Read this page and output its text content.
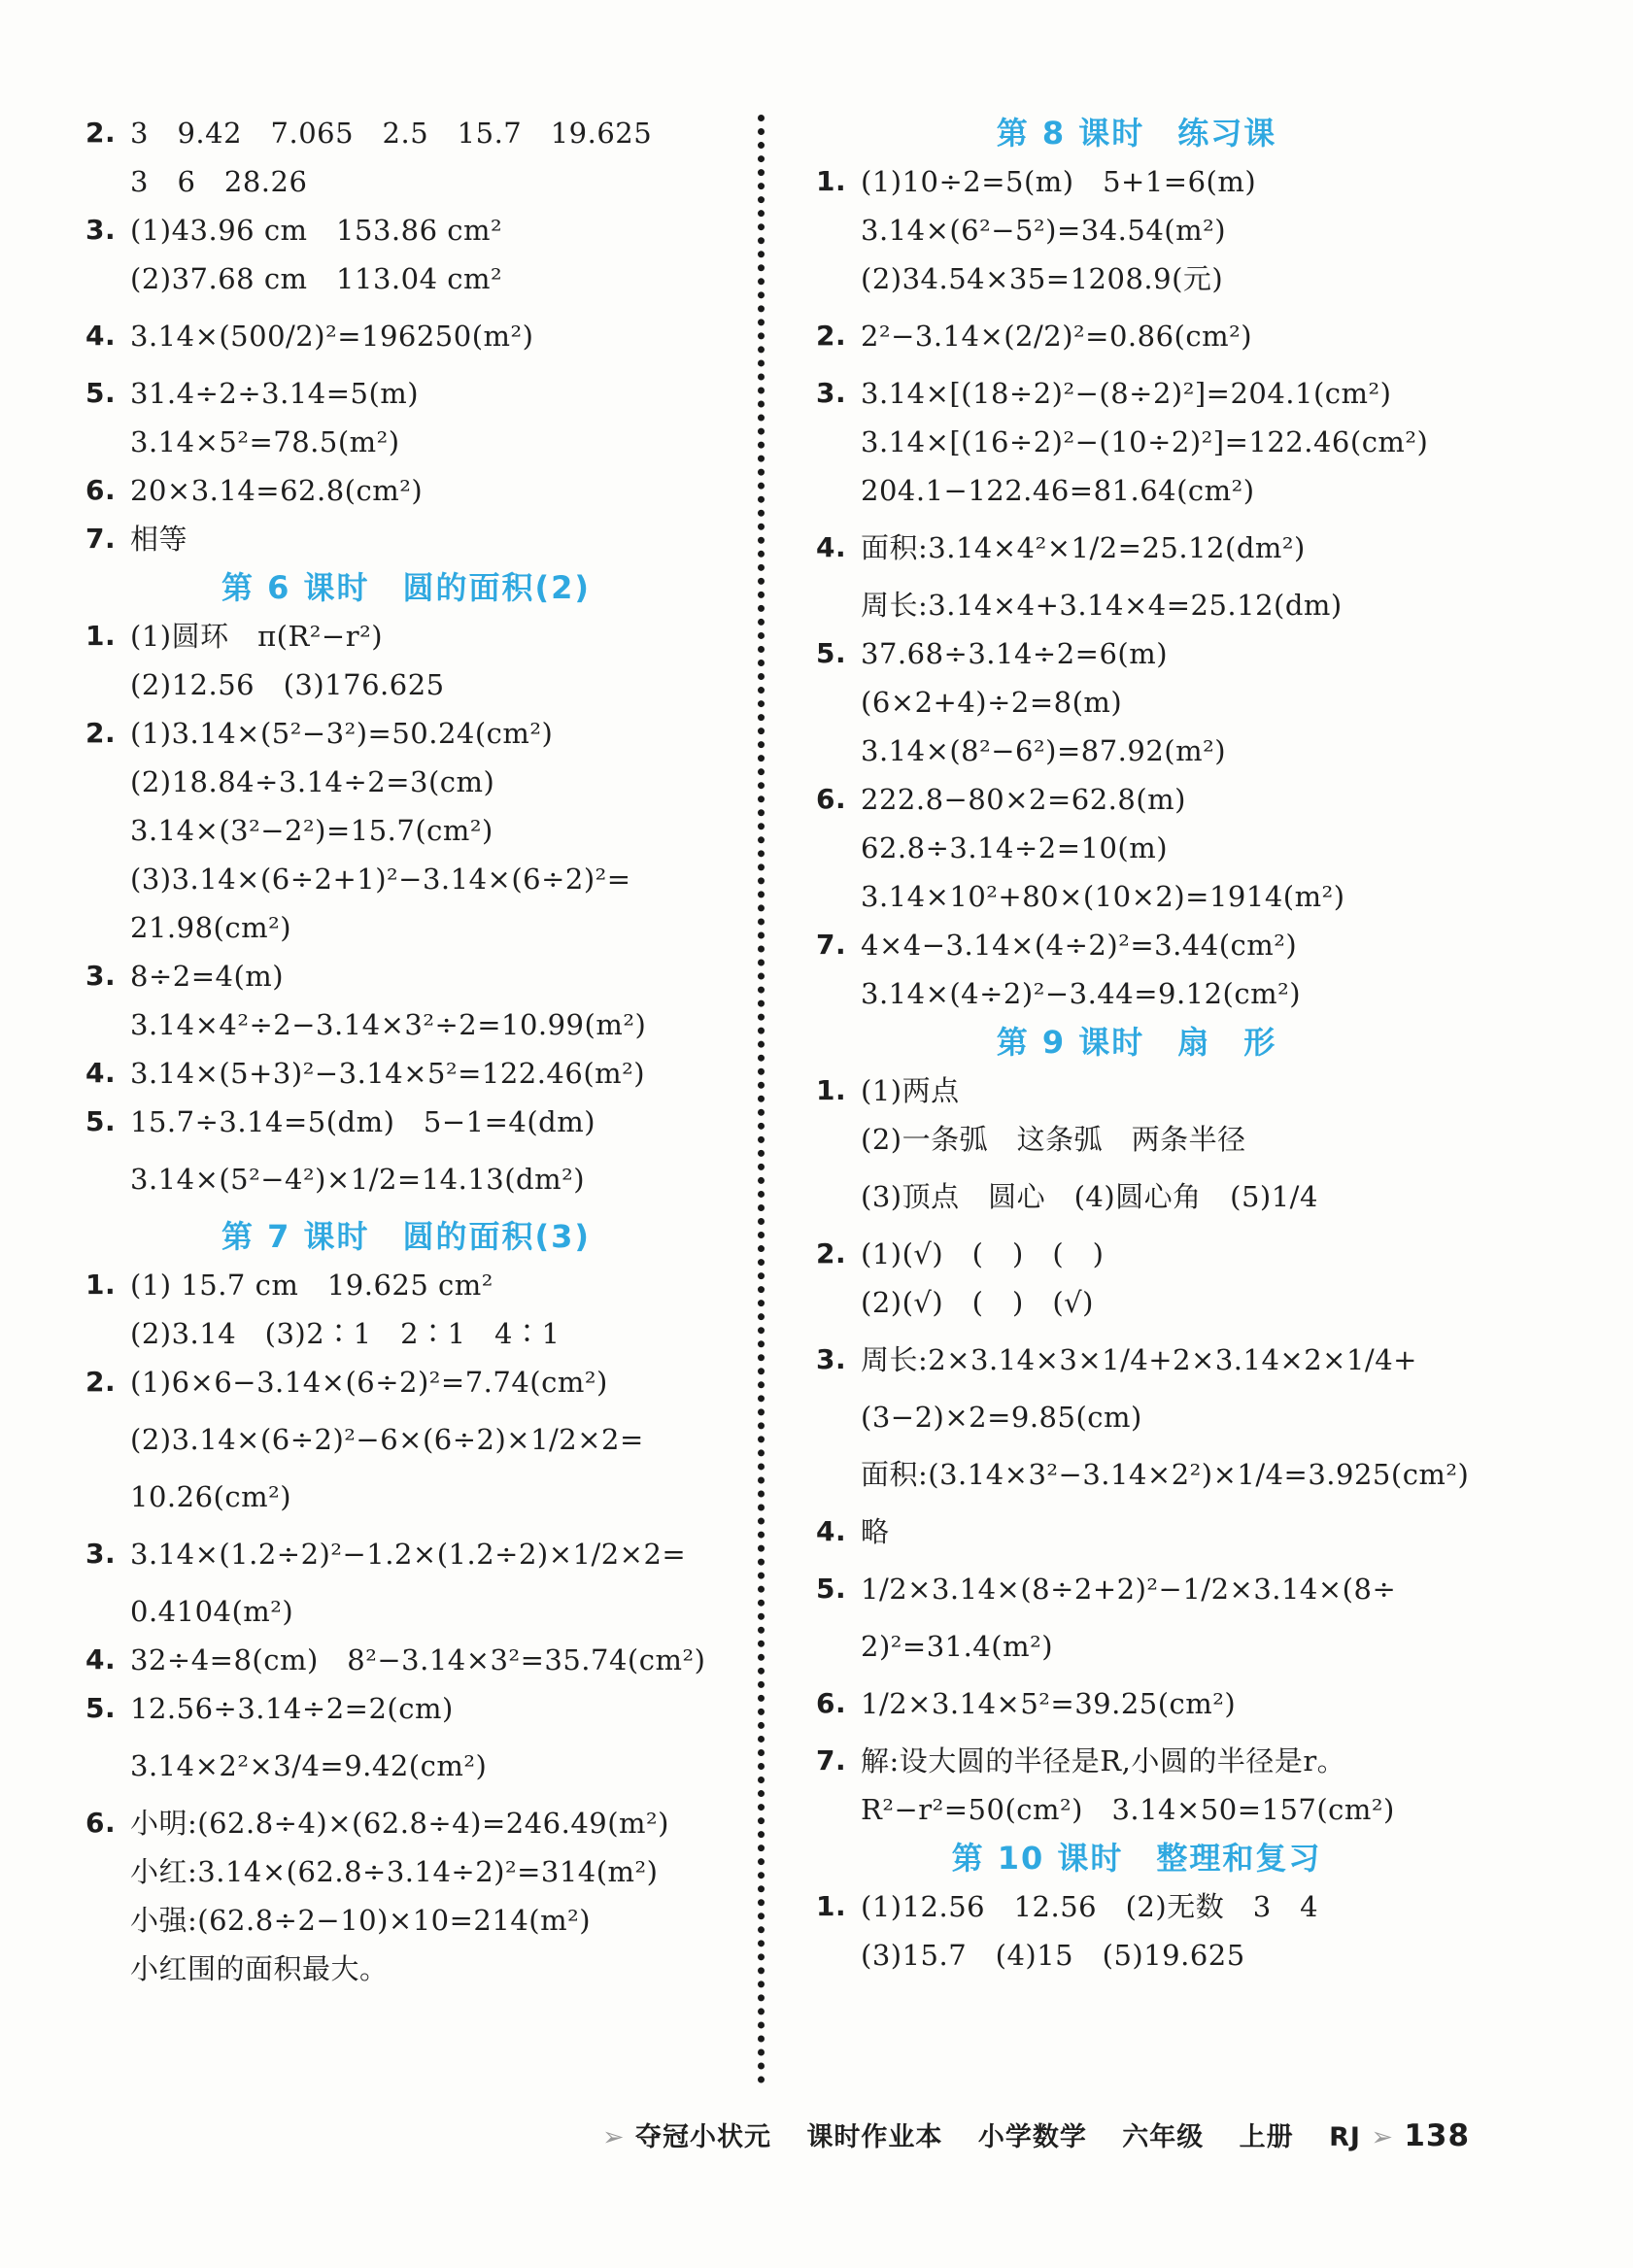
2. 3　9.42　7.065　2.5　15.7　19.625
3　6　28.26
3. (1)43.96 cm　153.86 cm²
(2)37.68 cm　113.04 cm²
4. 3.14×(500/2)²=196250(m²)
5. 31.4÷2÷3.14=5(m)
3.14×5²=78.5(m²)
6. 20×3.14=62.8(cm²)
7. 相等
第 6 课时　圆的面积(2)
1. (1)圆环　π(R²−r²)
(2)12.56　(3)176.625
2. (1)3.14×(5²−3²)=50.24(cm²)
(2)18.84÷3.14÷2=3(cm)
3.14×(3²−2²)=15.7(cm²)
(3)3.14×(6÷2+1)²−3.14×(6÷2)²=
21.98(cm²)
3. 8÷2=4(m)
3.14×4²÷2−3.14×3²÷2=10.99(m²)
4. 3.14×(5+3)²−3.14×5²=122.46(m²)
5. 15.7÷3.14=5(dm)　5−1=4(dm)
3.14×(5²−4²)×1/2=14.13(dm²)
第 7 课时　圆的面积(3)
1. (1) 15.7 cm　19.625 cm²
(2)3.14　(3)2∶1　2∶1　4∶1
2. (1)6×6−3.14×(6÷2)²=7.74(cm²)
(2)3.14×(6÷2)²−6×(6÷2)×1/2×2=
10.26(cm²)
3. 3.14×(1.2÷2)²−1.2×(1.2÷2)×1/2×2=
0.4104(m²)
4. 32÷4=8(cm)　8²−3.14×3²=35.74(cm²)
5. 12.56÷3.14÷2=2(cm)
3.14×2²×3/4=9.42(cm²)
6. 小明:(62.8÷4)×(62.8÷4)=246.49(m²)
小红:3.14×(62.8÷3.14÷2)²=314(m²)
小强:(62.8÷2−10)×10=214(m²)
小红围的面积最大。
第 8 课时　练习课
1. (1)10÷2=5(m)　5+1=6(m)
3.14×(6²−5²)=34.54(m²)
(2)34.54×35=1208.9(元)
2. 2²−3.14×(2/2)²=0.86(cm²)
3. 3.14×[(18÷2)²−(8÷2)²]=204.1(cm²)
3.14×[(16÷2)²−(10÷2)²]=122.46(cm²)
204.1−122.46=81.64(cm²)
4. 面积:3.14×4²×1/2=25.12(dm²)
周长:3.14×4+3.14×4=25.12(dm)
5. 37.68÷3.14÷2=6(m)
(6×2+4)÷2=8(m)
3.14×(8²−6²)=87.92(m²)
6. 222.8−80×2=62.8(m)
62.8÷3.14÷2=10(m)
3.14×10²+80×(10×2)=1914(m²)
7. 4×4−3.14×(4÷2)²=3.44(cm²)
3.14×(4÷2)²−3.44=9.12(cm²)
第 9 课时　扇　形
1. (1)两点
(2)一条弧　这条弧　两条半径
(3)顶点　圆心　(4)圆心角　(5)1/4
2. (1)(√)　(　)　(　)
(2)(√)　(　)　(√)
3. 周长:2×3.14×3×1/4+2×3.14×2×1/4+
(3−2)×2=9.85(cm)
面积:(3.14×3²−3.14×2²)×1/4=3.925(cm²)
4. 略
5. 1/2×3.14×(8÷2+2)²−1/2×3.14×(8÷
2)²=31.4(m²)
6. 1/2×3.14×5²=39.25(cm²)
7. 解:设大圆的半径是R,小圆的半径是r。
R²−r²=50(cm²)　3.14×50=157(cm²)
第 10 课时　整理和复习
1. (1)12.56　12.56　(2)无数　3　4
(3)15.7　(4)15　(5)19.625
➢ 夺冠小状元 课时作业本 小学数学 六年级 上册 RJ ➢ 138
